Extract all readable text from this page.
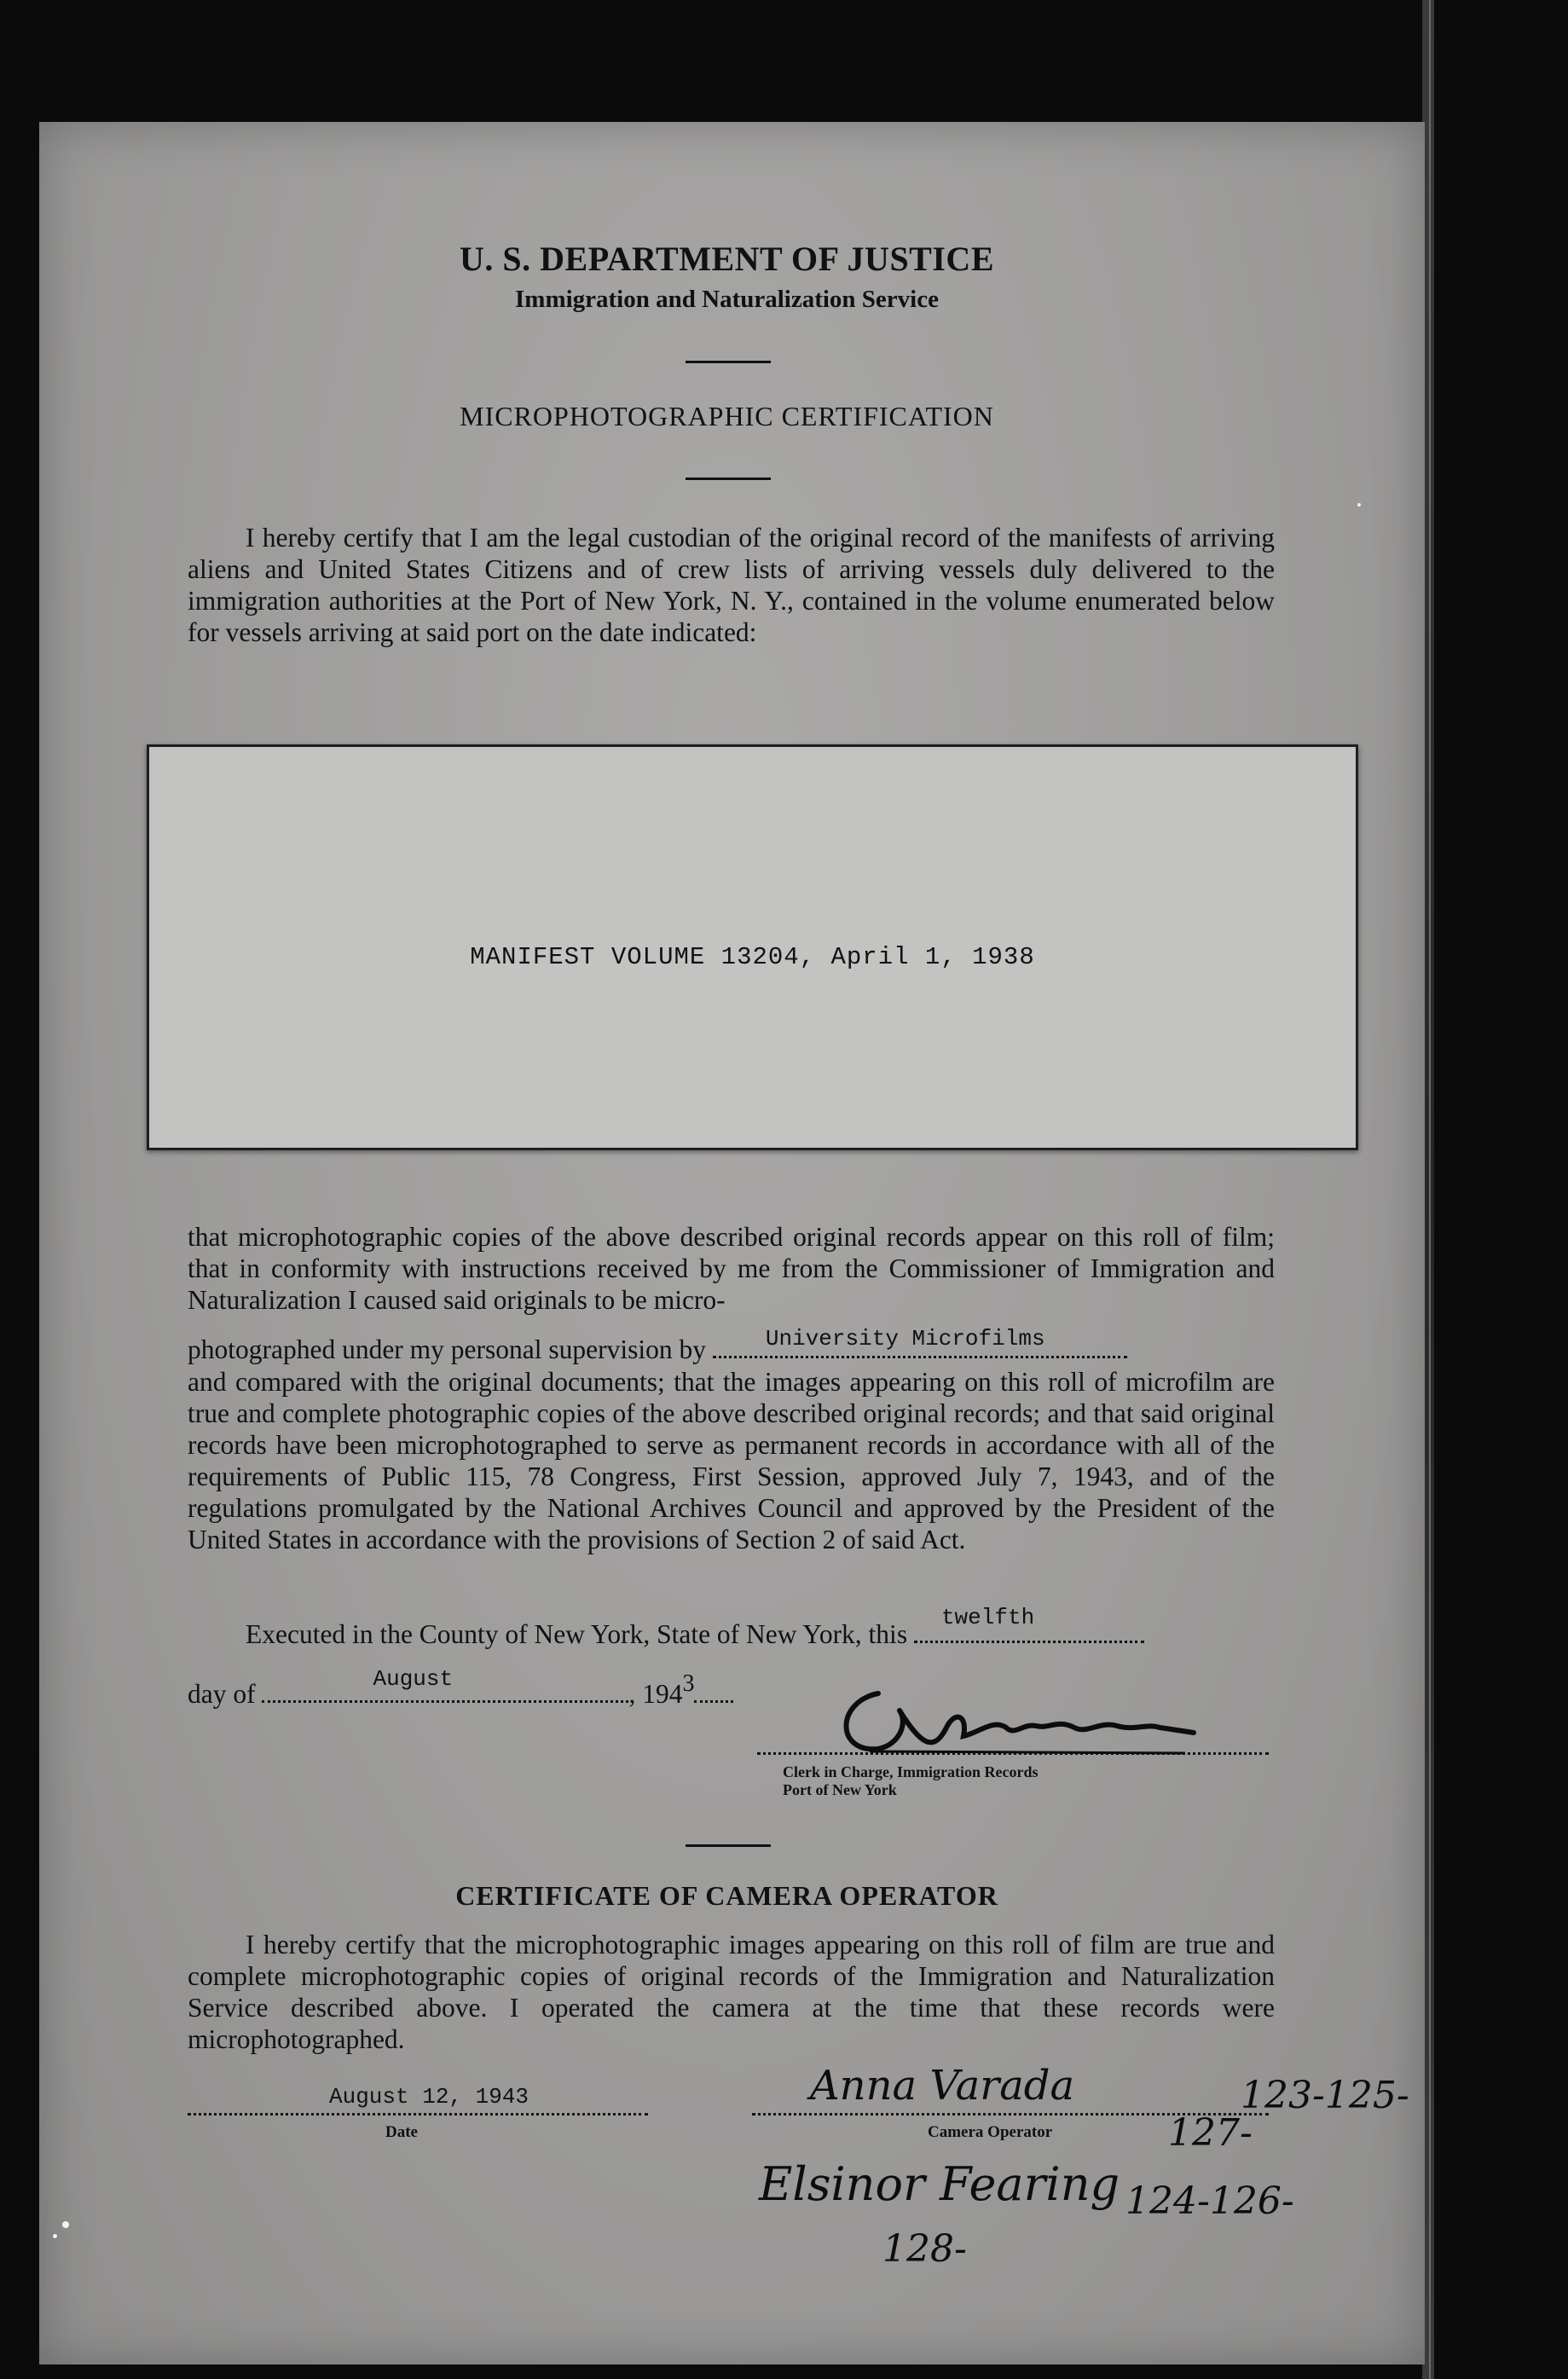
U. S. DEPARTMENT OF JUSTICE
Immigration and Naturalization Service
MICROPHOTOGRAPHIC CERTIFICATION
I hereby certify that I am the legal custodian of the original record of the manifests of arriving aliens and United States Citizens and of crew lists of arriving vessels duly delivered to the immigration authorities at the Port of New York, N. Y., contained in the volume enumerated below for vessels arriving at said port on the date indicated:
MANIFEST VOLUME 13204, April 1, 1938
that microphotographic copies of the above described original records appear on this roll of film; that in conformity with instructions received by me from the Commissioner of Immigration and Naturalization I caused said originals to be micro-
photographed under my personal supervision by	University Microfilms
and compared with the original documents; that the images appearing on this roll of microfilm are true and complete photographic copies of the above described original records; and that said original records have been microphotographed to serve as permanent records in accordance with all of the requirements of Public 115, 78 Congress, First Session, approved July 7, 1943, and of the regulations promulgated by the National Archives Council and approved by the President of the United States in accordance with the provisions of Section 2 of said Act.
Executed in the County of New York, State of New York, this
twelfth
day of	August	, 1943
Clerk in Charge, Immigration Records
Port of New York
CERTIFICATE OF CAMERA OPERATOR
I hereby certify that the microphotographic images appearing on this roll of film are true and complete microphotographic copies of original records of the Immigration and Naturalization Service described above. I operated the camera at the time that these records were microphotographed.
August 12, 1943
Date
Anna Varada	123-125-
127-
Camera Operator
Elsinor Fearing 124-126-
128-
